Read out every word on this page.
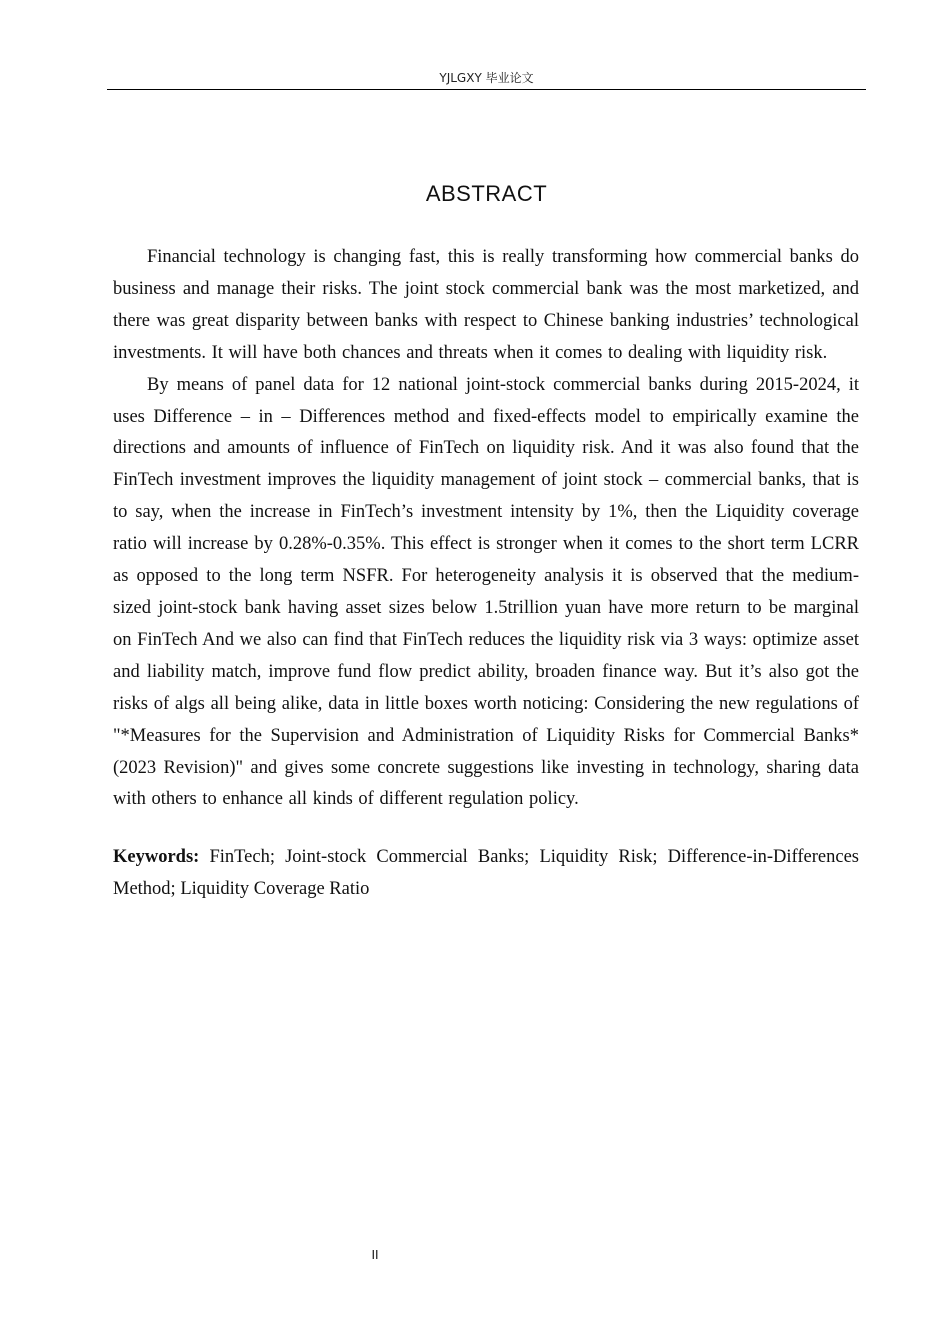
YJLGXY 毕业论文
ABSTRACT

Financial technology is changing fast, this is really transforming how commercial banks do business and manage their risks. The joint stock commercial bank was the most marketized, and there was great disparity between banks with respect to Chinese banking industries’ technological investments. It will have both chances and threats when it comes to dealing with liquidity risk.

By means of panel data for 12 national joint-stock commercial banks during 2015-2024, it uses Difference – in – Differences method and fixed-effects model to empirically examine the directions and amounts of influence of FinTech on liquidity risk. And it was also found that the FinTech investment improves the liquidity management of joint stock – commercial banks, that is to say, when the increase in FinTech’s investment intensity by 1%, then the Liquidity coverage ratio will increase by 0.28%-0.35%. This effect is stronger when it comes to the short term LCRR as opposed to the long term NSFR. For heterogeneity analysis it is observed that the medium-sized joint-stock bank having asset sizes below 1.5trillion yuan have more return to be marginal on FinTech And we also can find that FinTech reduces the liquidity risk via 3 ways: optimize asset and liability match, improve fund flow predict ability, broaden finance way. But it’s also got the risks of algs all being alike, data in little boxes worth noticing: Considering the new regulations of "*Measures for the Supervision and Administration of Liquidity Risks for Commercial Banks* (2023 Revision)" and gives some concrete suggestions like investing in technology, sharing data with others to enhance all kinds of different regulation policy.

Keywords: FinTech; Joint-stock Commercial Banks; Liquidity Risk; Difference-in-Differences Method; Liquidity Coverage Ratio

II
